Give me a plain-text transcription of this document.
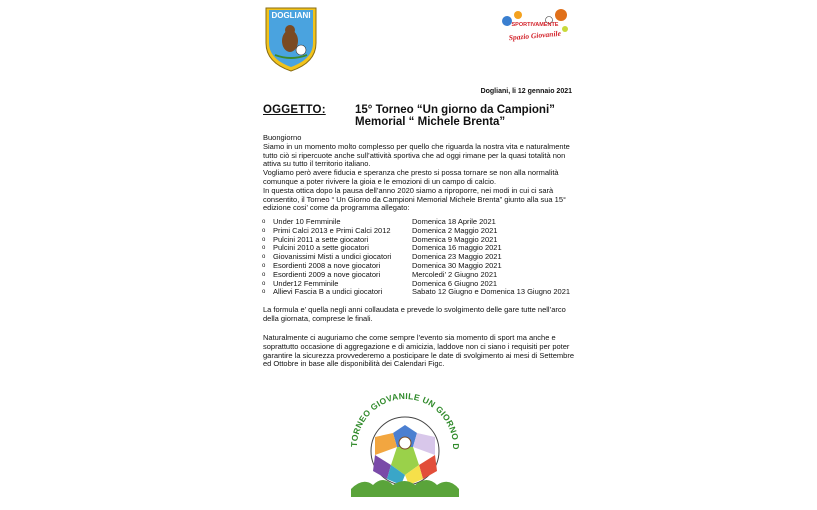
DOGLIANI
SPORTIVAMENTE
Spazio Giovanile
Dogliani, li 12 gennaio 2021
OGGETTO:	15° Torneo “Un giorno da Campioni”
Memorial “ Michele Brenta”

Buongiorno

Siamo in un momento molto complesso per quello che riguarda la nostra vita e naturalmente tutto ciò si ripercuote anche sull’attività sportiva che ad oggi rimane per la quasi totalità non attiva su tutto il territorio italiano.

Vogliamo però avere fiducia e speranza che presto si possa tornare se non alla normalità comunque a poter rivivere la gioia e le emozioni di un campo di calcio.

In questa ottica dopo la pausa dell’anno 2020 siamo a riproporre, nei modi in cui ci sarà consentito, il Torneo “ Un Giorno da Campioni Memorial Michele Brenta” giunto alla sua 15° edizione cosi’ come da programma allegato:

o Under 10 Femminile	Domenica 18 Aprile 2021
o Primi Calci 2013 e Primi Calci 2012	Domenica 2 Maggio 2021
o Pulcini 2011 a sette giocatori	Domenica 9 Maggio 2021
o Pulcini 2010 a sette giocatori	Domenica 16 maggio 2021
o Giovanissimi Misti a undici giocatori	Domenica 23 Maggio 2021
o Esordienti 2008 a nove giocatori	Domenica 30 Maggio 2021
o Esordienti 2009 a nove giocatori	Mercoledi’ 2 Giugno 2021
o Under12 Femminile	Domenica 6 Giugno 2021
o Allievi Fascia B a undici giocatori	Sabato 12 Giugno e Domenica 13 Giugno 2021
La formula e’ quella negli anni collaudata e prevede lo svolgimento delle gare tutte nell’arco della giornata, comprese le finali.
Naturalmente ci auguriamo che come sempre l’evento sia momento di sport ma anche e soprattutto occasione di aggregazione e di amicizia, laddove non ci siano i requisiti per poter garantire la sicurezza provvederemo a posticipare le date di svolgimento ai mesi di Settembre ed Ottobre in base alle disponibilità dei Calendari Figc.
TORNEO GIOVANILE UN GIORNO D
